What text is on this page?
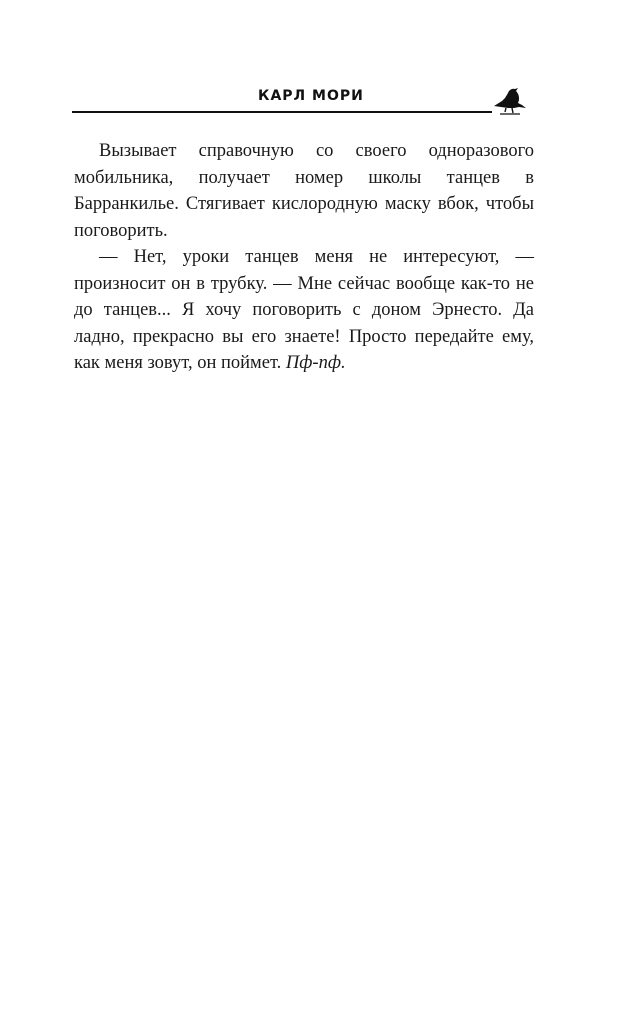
КАРЛ МОРИ

Вызывает справочную со своего одноразового мобильника, получает номер школы танцев в Барранкилье. Стягивает кислородную маску вбок, чтобы поговорить.

— Нет, уроки танцев меня не интересуют, — произносит он в трубку. — Мне сейчас вообще как-то не до танцев... Я хочу поговорить с доном Эрнесто. Да ладно, прекрасно вы его знаете! Просто передайте ему, как меня зовут, он поймет. Пф-пф.
